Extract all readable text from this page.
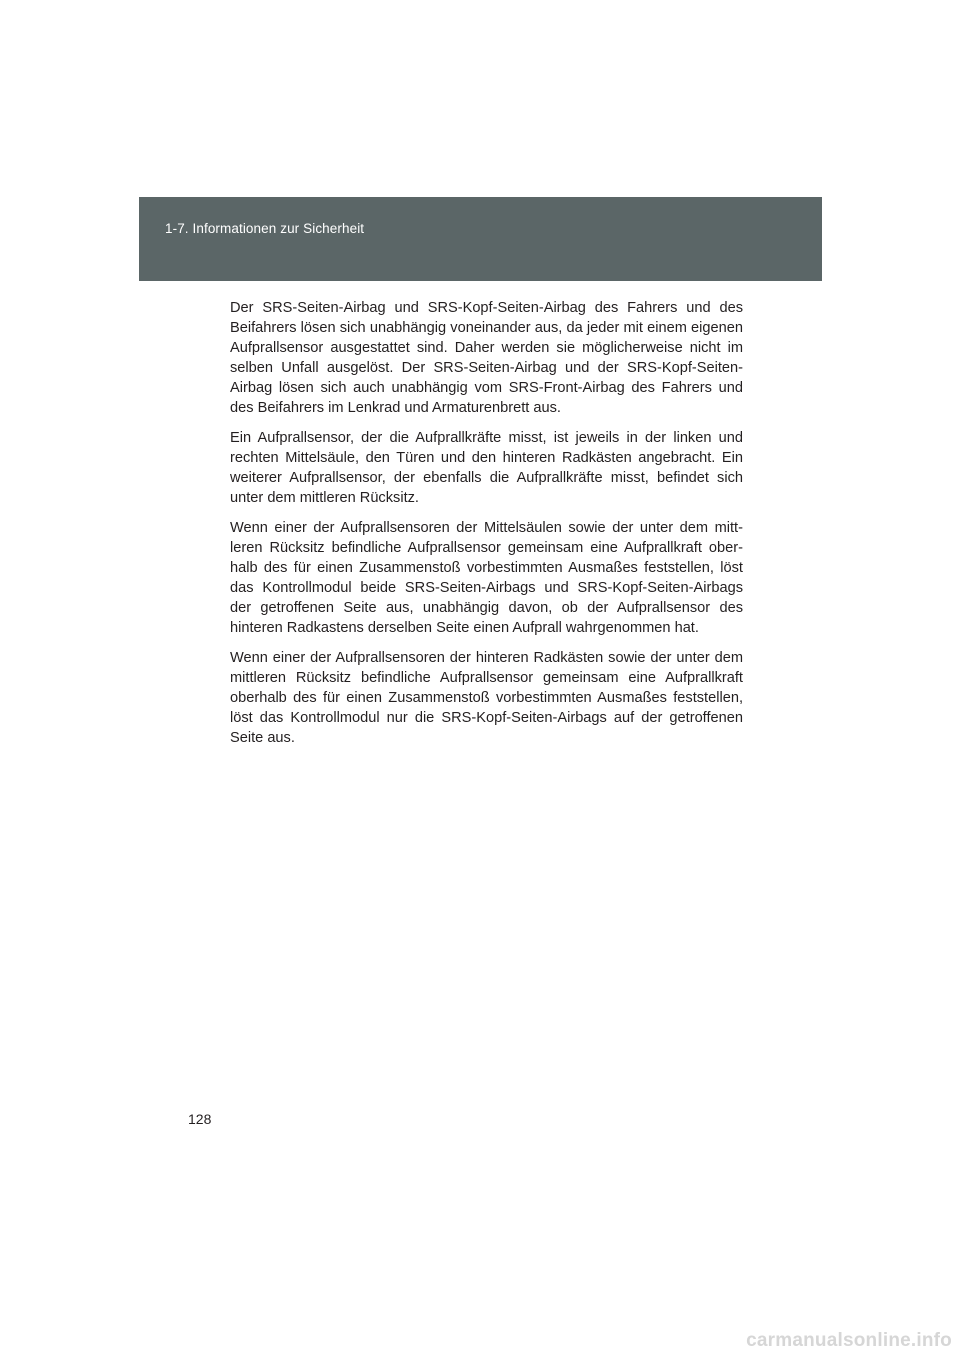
1-7. Informationen zur Sicherheit

Der SRS-Seiten-Airbag und SRS-Kopf-Seiten-Airbag des Fahrers und des Beifahrers lösen sich unabhängig voneinander aus, da jeder mit einem eigenen Aufprallsensor ausgestattet sind. Daher werden sie möglicherweise nicht im selben Unfall ausgelöst. Der SRS-Seiten-Airbag und der SRS-Kopf-Seiten-Airbag lösen sich auch unabhängig vom SRS-Front-Airbag des Fahrers und des Beifahrers im Lenkrad und Armaturenbrett aus.

Ein Aufprallsensor, der die Aufprallkräfte misst, ist jeweils in der linken und rechten Mittelsäule, den Türen und den hinteren Radkästen angebracht. Ein weiterer Aufprallsensor, der ebenfalls die Aufprallkräfte misst, befindet sich unter dem mittleren Rücksitz.

Wenn einer der Aufprallsensoren der Mittelsäulen sowie der unter dem mittleren Rücksitz befindliche Aufprallsensor gemeinsam eine Aufprallkraft oberhalb des für einen Zusammenstoß vorbestimmten Ausmaßes feststellen, löst das Kontrollmodul beide SRS-Seiten-Airbags und SRS-Kopf-Seiten-Airbags der getroffenen Seite aus, unabhängig davon, ob der Aufprallsensor des hinteren Radkastens derselben Seite einen Aufprall wahrgenommen hat.

Wenn einer der Aufprallsensoren der hinteren Radkästen sowie der unter dem mittleren Rücksitz befindliche Aufprallsensor gemeinsam eine Aufprallkraft oberhalb des für einen Zusammenstoß vorbestimmten Ausmaßes feststellen, löst das Kontrollmodul nur die SRS-Kopf-Seiten-Airbags auf der getroffenen Seite aus.

128
carmanualsonline.info
